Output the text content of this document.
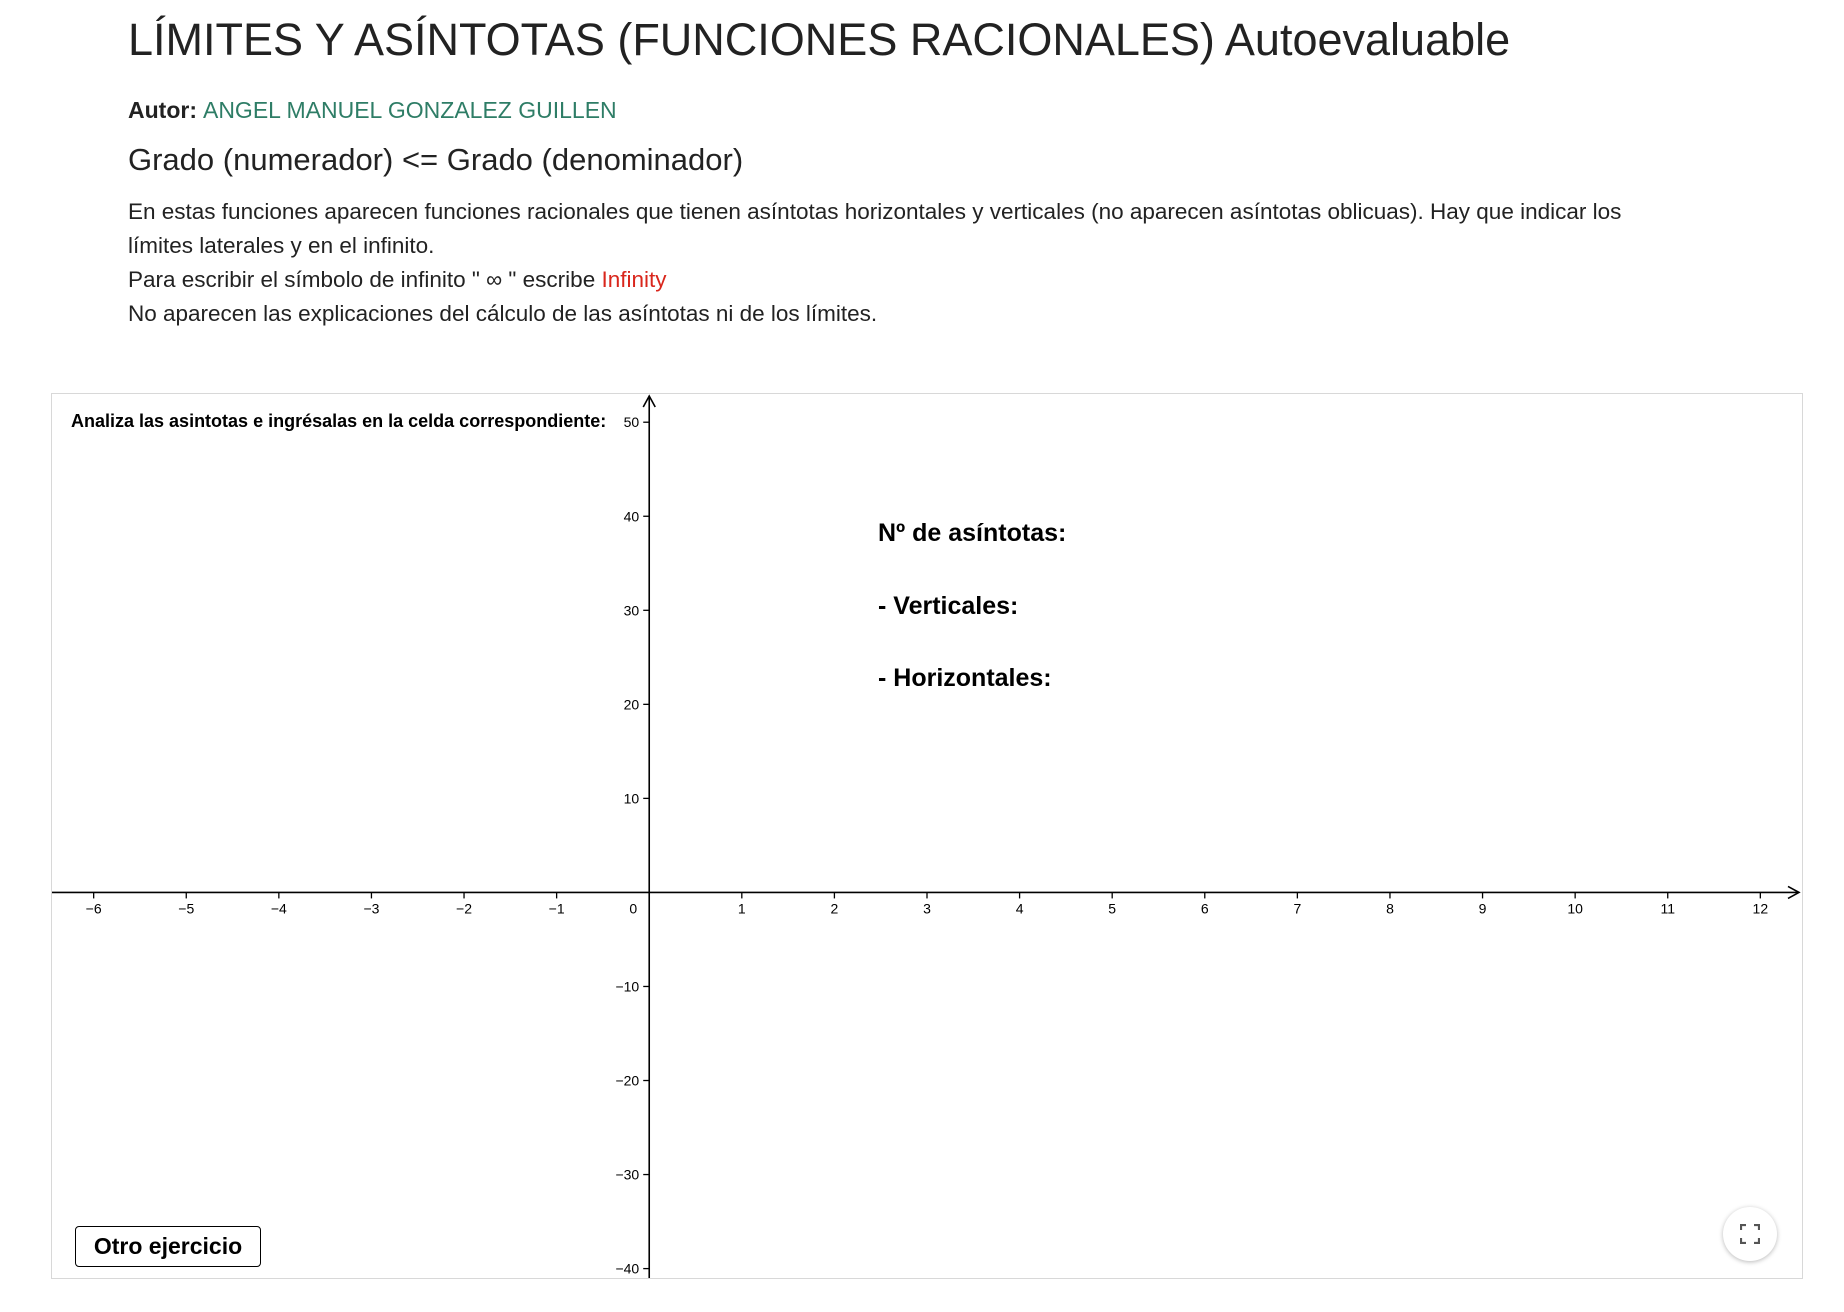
LÍMITES Y ASÍNTOTAS (FUNCIONES RACIONALES) Autoevaluable
Autor: ANGEL MANUEL GONZALEZ GUILLEN
Grado (numerador) <= Grado (denominador)

En estas funciones aparecen funciones racionales que tienen asíntotas horizontales y verticales (no aparecen asíntotas oblicuas). Hay que indicar los límites laterales y en el infinito.

Para escribir el símbolo de infinito " ∞ " escribe Infinity

No aparecen las explicaciones del cálculo de las asíntotas ni de los límites.

−6	−5	−4	−3	−2	−1	0	1	2	3	4	5	6	7	8	9	10	11	12
−40
−30
−20
−10
10
20
30
40
50
Analiza las asintotas e ingrésalas en la celda correspondiente:
Nº de asíntotas:
- Verticales:
- Horizontales:
Otro ejercicio
